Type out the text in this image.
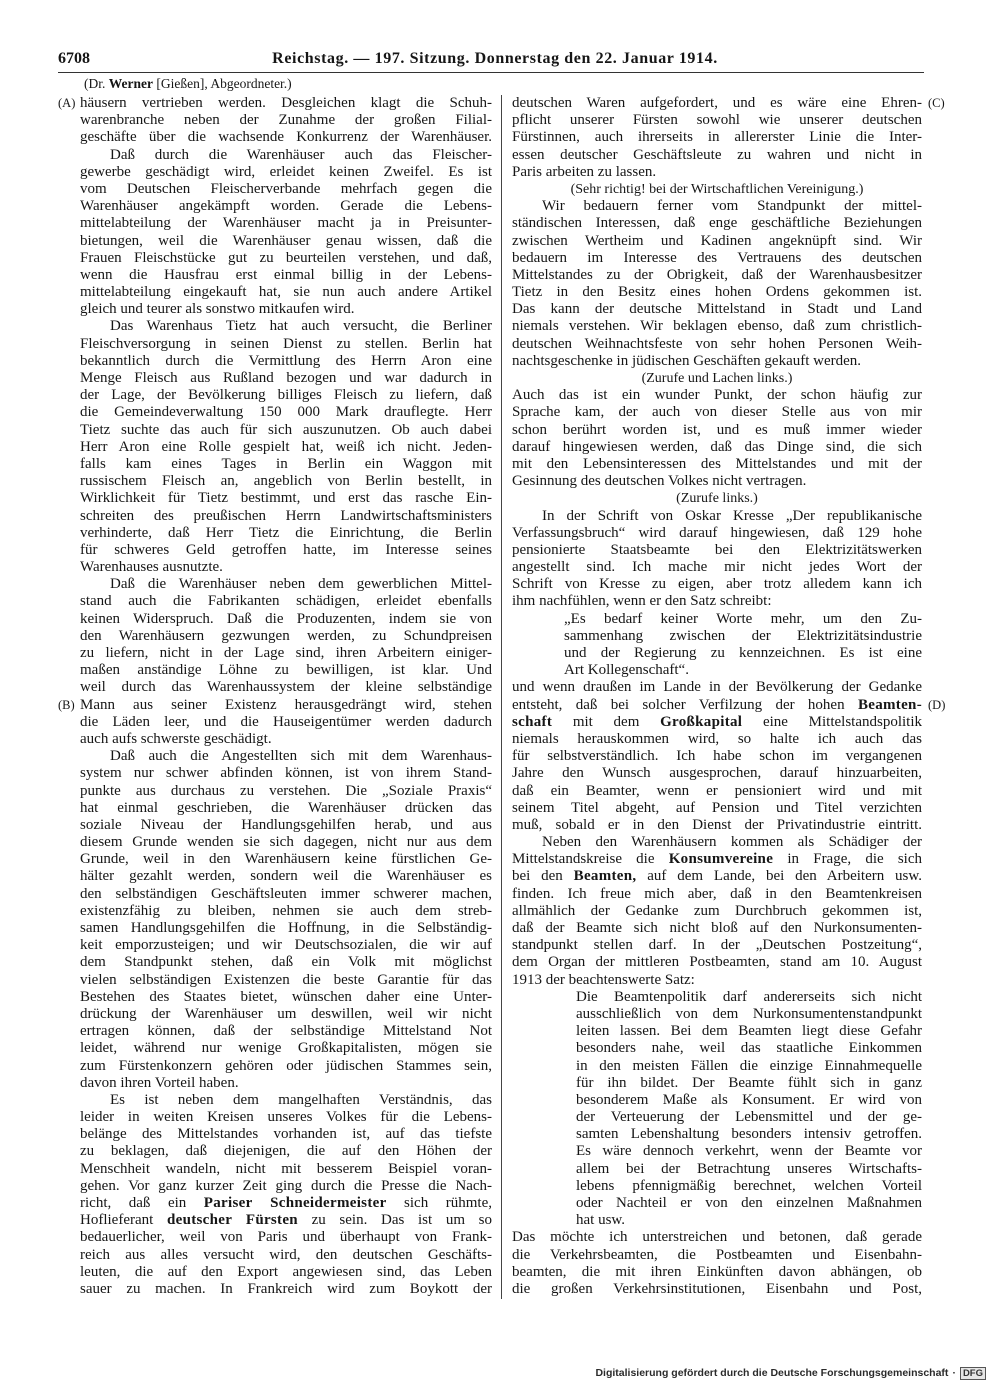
6708	Reichstag. — 197. Sitzung. Donnerstag den 22. Januar 1914.
(Dr. Werner [Gießen], Abgeordneter.)
(A)
(B)
(C)
(D)
häusern vertrieben werden. Desgleichen klagt die Schuh-
warenbranche neben der Zunahme der großen Filial-
geschäfte über die wachsende Konkurrenz der Warenhäuser.
Daß durch die Warenhäuser auch das Fleischer-
gewerbe geschädigt wird, erleidet keinen Zweifel. Es ist
vom Deutschen Fleischerverbande mehrfach gegen die
Warenhäuser angekämpft worden. Gerade die Lebens-
mittelabteilung der Warenhäuser macht ja in Preisunter-
bietungen, weil die Warenhäuser genau wissen, daß die
Frauen Fleischstücke gut zu beurteilen verstehen, und daß,
wenn die Hausfrau erst einmal billig in der Lebens-
mittelabteilung eingekauft hat, sie nun auch andere Artikel
gleich und teurer als sonstwo mitkaufen wird.
Das Warenhaus Tietz hat auch versucht, die Berliner
Fleischversorgung in seinen Dienst zu stellen. Berlin hat
bekanntlich durch die Vermittlung des Herrn Aron eine
Menge Fleisch aus Rußland bezogen und war dadurch in
der Lage, der Bevölkerung billiges Fleisch zu liefern, daß
die Gemeindeverwaltung 150 000 Mark drauflegte. Herr
Tietz suchte das auch für sich auszunutzen. Ob auch dabei
Herr Aron eine Rolle gespielt hat, weiß ich nicht. Jeden-
falls kam eines Tages in Berlin ein Waggon mit
russischem Fleisch an, angeblich von Berlin bestellt, in
Wirklichkeit für Tietz bestimmt, und erst das rasche Ein-
schreiten des preußischen Herrn Landwirtschaftsministers
verhinderte, daß Herr Tietz die Einrichtung, die Berlin
für schweres Geld getroffen hatte, im Interesse seines
Warenhauses ausnutzte.
Daß die Warenhäuser neben dem gewerblichen Mittel-
stand auch die Fabrikanten schädigen, erleidet ebenfalls
keinen Widerspruch. Daß die Produzenten, indem sie von
den Warenhäusern gezwungen werden, zu Schundpreisen
zu liefern, nicht in der Lage sind, ihren Arbeitern einiger-
maßen anständige Löhne zu bewilligen, ist klar. Und
weil durch das Warenhaussystem der kleine selbständige
Mann aus seiner Existenz herausgedrängt wird, stehen
die Läden leer, und die Hauseigentümer werden dadurch
auch aufs schwerste geschädigt.
Daß auch die Angestellten sich mit dem Warenhaus-
system nur schwer abfinden können, ist von ihrem Stand-
punkte aus durchaus zu verstehen. Die „Soziale Praxis“
hat einmal geschrieben, die Warenhäuser drücken das
soziale Niveau der Handlungsgehilfen herab, und aus
diesem Grunde wenden sie sich dagegen, nicht nur aus dem
Grunde, weil in den Warenhäusern keine fürstlichen Ge-
hälter gezahlt werden, sondern weil die Warenhäuser es
den selbständigen Geschäftsleuten immer schwerer machen,
existenzfähig zu bleiben, nehmen sie auch dem streb-
samen Handlungsgehilfen die Hoffnung, in die Selbständig-
keit emporzusteigen; und wir Deutschsozialen, die wir auf
dem Standpunkt stehen, daß ein Volk mit möglichst
vielen selbständigen Existenzen die beste Garantie für das
Bestehen des Staates bietet, wünschen daher eine Unter-
drückung der Warenhäuser um deswillen, weil wir nicht
ertragen können, daß der selbständige Mittelstand Not
leidet, während nur wenige Großkapitalisten, mögen sie
zum Fürstenkonzern gehören oder jüdischen Stammes sein,
davon ihren Vorteil haben.
Es ist neben dem mangelhaften Verständnis, das
leider in weiten Kreisen unseres Volkes für die Lebens-
belänge des Mittelstandes vorhanden ist, auf das tiefste
zu beklagen, daß diejenigen, die auf den Höhen der
Menschheit wandeln, nicht mit besserem Beispiel voran-
gehen. Vor ganz kurzer Zeit ging durch die Presse die Nach-
richt, daß ein Pariser Schneidermeister sich rühmte,
Hoflieferant deutscher Fürsten zu sein. Das ist um so
bedauerlicher, weil von Paris und überhaupt von Frank-
reich aus alles versucht wird, den deutschen Geschäfts-
leuten, die auf den Export angewiesen sind, das Leben
sauer zu machen. In Frankreich wird zum Boykott der
deutschen Waren aufgefordert, und es wäre eine Ehren-
pflicht unserer Fürsten sowohl wie unserer deutschen
Fürstinnen, auch ihrerseits in allererster Linie die Inter-
essen deutscher Geschäftsleute zu wahren und nicht in
Paris arbeiten zu lassen.
(Sehr richtig! bei der Wirtschaftlichen Vereinigung.)
Wir bedauern ferner vom Standpunkt der mittel-
ständischen Interessen, daß enge geschäftliche Beziehungen
zwischen Wertheim und Kadinen angeknüpft sind. Wir
bedauern im Interesse des Vertrauens des deutschen
Mittelstandes zu der Obrigkeit, daß der Warenhausbesitzer
Tietz in den Besitz eines hohen Ordens gekommen ist.
Das kann der deutsche Mittelstand in Stadt und Land
niemals verstehen. Wir beklagen ebenso, daß zum christlich-
deutschen Weihnachtsfeste von sehr hohen Personen Weih-
nachtsgeschenke in jüdischen Geschäften gekauft werden.
(Zurufe und Lachen links.)
Auch das ist ein wunder Punkt, der schon häufig zur
Sprache kam, der auch von dieser Stelle aus von mir
schon berührt worden ist, und es muß immer wieder
darauf hingewiesen werden, daß das Dinge sind, die sich
mit den Lebensinteressen des Mittelstandes und mit der
Gesinnung des deutschen Volkes nicht vertragen.
(Zurufe links.)
In der Schrift von Oskar Kresse „Der republikanische
Verfassungsbruch“ wird darauf hingewiesen, daß 129 hohe
pensionierte Staatsbeamte bei den Elektrizitätswerken
angestellt sind. Ich mache mir nicht jedes Wort der
Schrift von Kresse zu eigen, aber trotz alledem kann ich
ihm nachfühlen, wenn er den Satz schreibt:
„Es bedarf keiner Worte mehr, um den Zu-
sammenhang zwischen der Elektrizitätsindustrie
und der Regierung zu kennzeichnen. Es ist eine
Art Kollegenschaft“.
und wenn draußen im Lande in der Bevölkerung der Gedanke
entsteht, daß bei solcher Verfilzung der hohen Beamten-
schaft mit dem Großkapital eine Mittelstandspolitik
niemals herauskommen wird, so halte ich auch das
für selbstverständlich. Ich habe schon im vergangenen
Jahre den Wunsch ausgesprochen, darauf hinzuarbeiten,
daß ein Beamter, wenn er pensioniert wird und mit
seinem Titel abgeht, auf Pension und Titel verzichten
muß, sobald er in den Dienst der Privatindustrie eintritt.
Neben den Warenhäusern kommen als Schädiger der
Mittelstandskreise die Konsumvereine in Frage, die sich
bei den Beamten, auf dem Lande, bei den Arbeitern usw.
finden. Ich freue mich aber, daß in den Beamtenkreisen
allmählich der Gedanke zum Durchbruch gekommen ist,
daß der Beamte sich nicht bloß auf den Nurkonsumenten-
standpunkt stellen darf. In der „Deutschen Postzeitung“,
dem Organ der mittleren Postbeamten, stand am 10. August
1913 der beachtenswerte Satz:
Die Beamtenpolitik darf andererseits sich nicht
ausschließlich von dem Nurkonsumentenstandpunkt
leiten lassen. Bei dem Beamten liegt diese Gefahr
besonders nahe, weil das staatliche Einkommen
in den meisten Fällen die einzige Einnahmequelle
für ihn bildet. Der Beamte fühlt sich in ganz
besonderem Maße als Konsument. Er wird von
der Verteuerung der Lebensmittel und der ge-
samten Lebenshaltung besonders intensiv getroffen.
Es wäre dennoch verkehrt, wenn der Beamte vor
allem bei der Betrachtung unseres Wirtschafts-
lebens pfennigmäßig berechnet, welchen Vorteil
oder Nachteil er von den einzelnen Maßnahmen
hat usw.
Das möchte ich unterstreichen und betonen, daß gerade
die Verkehrsbeamten, die Postbeamten und Eisenbahn-
beamten, die mit ihren Einkünften davon abhängen, ob
die großen Verkehrsinstitutionen, Eisenbahn und Post,
Digitalisierung gefördert durch die Deutsche Forschungsgemeinschaft · DFG
